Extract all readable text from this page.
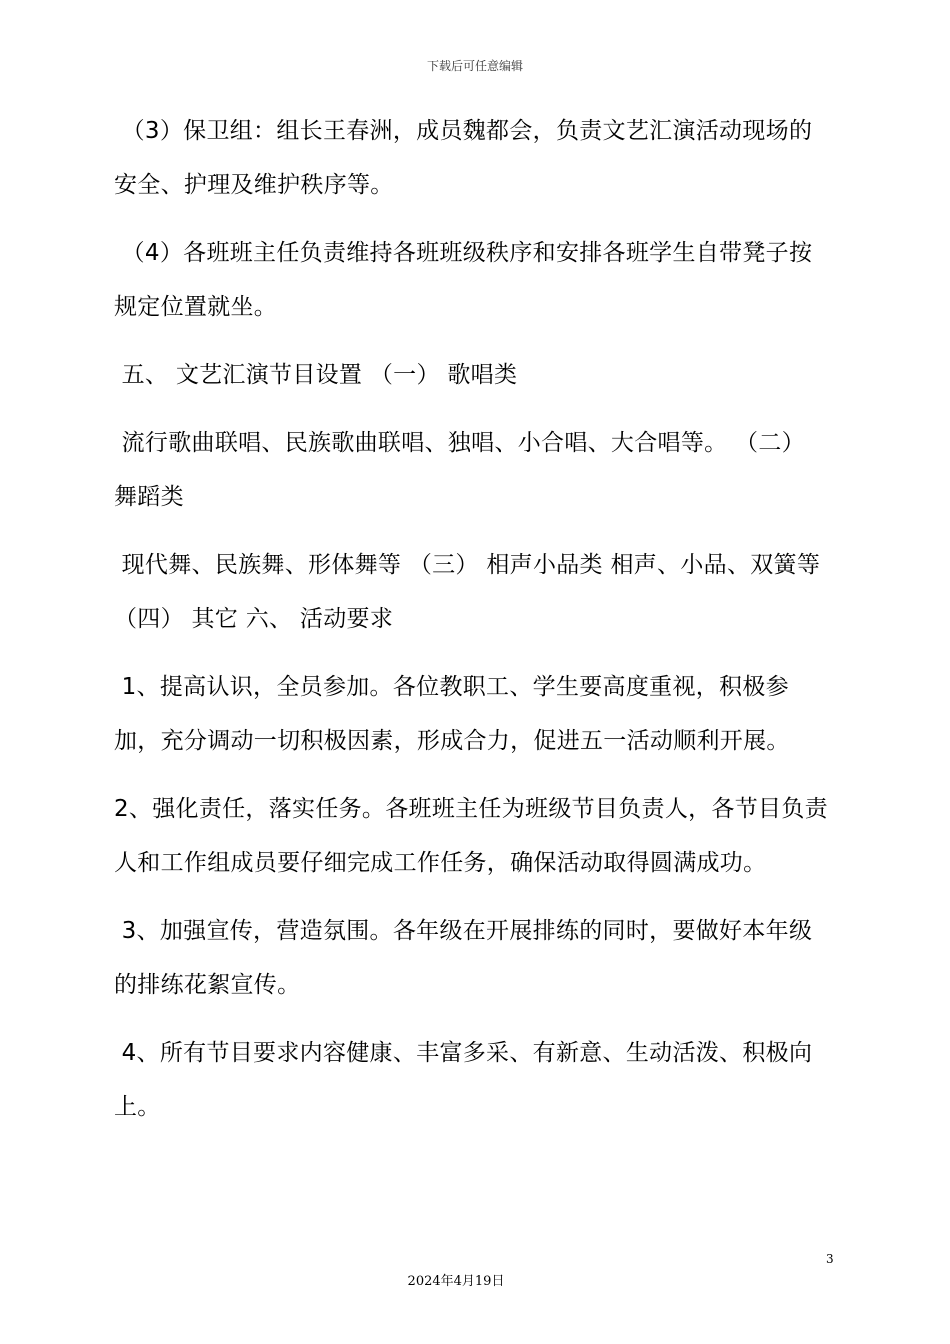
下载后可任意编辑

（3）保卫组：组长王春洲，成员魏都会，负责文艺汇演活动现场的安全、护理及维护秩序等。

（4）各班班主任负责维持各班班级秩序和安排各班学生自带凳子按规定位置就坐。

五、 文艺汇演节目设置 （一） 歌唱类

流行歌曲联唱、民族歌曲联唱、独唱、小合唱、大合唱等。 （二） 舞蹈类

现代舞、民族舞、形体舞等 （三） 相声小品类 相声、小品、双簧等 （四） 其它 六、 活动要求

1、提高认识，全员参加。各位教职工、学生要高度重视，积极参加，充分调动一切积极因素，形成合力，促进五一活动顺利开展。

2、强化责任，落实任务。各班班主任为班级节目负责人，各节目负责人和工作组成员要仔细完成工作任务，确保活动取得圆满成功。

3、加强宣传，营造氛围。各年级在开展排练的同时，要做好本年级的排练花絮宣传。

4、所有节目要求内容健康、丰富多采、有新意、生动活泼、积极向上。

3
2024年4月19日
